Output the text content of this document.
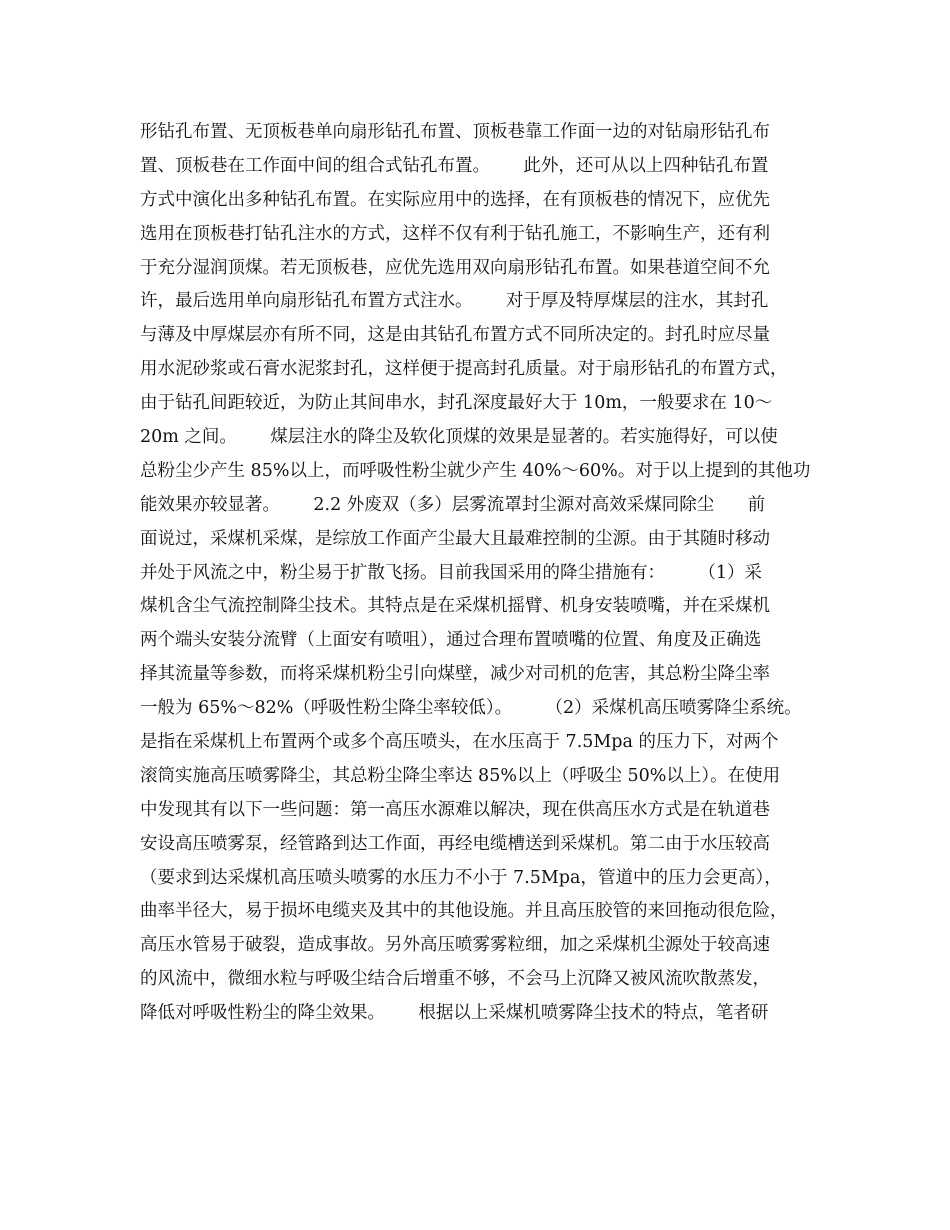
形钻孔布置、无顶板巷单向扇形钻孔布置、顶板巷靠工作面一边的对钻扇形钻孔布
置、顶板巷在工作面中间的组合式钻孔布置。      此外，还可从以上四种钻孔布置
方式中演化出多种钻孔布置。在实际应用中的选择，在有顶板巷的情况下，应优先
选用在顶板巷打钻孔注水的方式，这样不仅有利于钻孔施工，不影响生产，还有利
于充分湿润顶煤。若无顶板巷，应优先选用双向扇形钻孔布置。如果巷道空间不允
许，最后选用单向扇形钻孔布置方式注水。      对于厚及特厚煤层的注水，其封孔
与薄及中厚煤层亦有所不同，这是由其钻孔布置方式不同所决定的。封孔时应尽量
用水泥砂浆或石膏水泥浆封孔，这样便于提高封孔质量。对于扇形钻孔的布置方式，
由于钻孔间距较近，为防止其间串水，封孔深度最好大于 10m，一般要求在 10～
20m 之间。      煤层注水的降尘及软化顶煤的效果是显著的。若实施得好，可以使
总粉尘少产生 85%以上，而呼吸性粉尘就少产生 40%～60%。对于以上提到的其他功
能效果亦较显著。      2.2 外废双（多）层雾流罩封尘源对高效采煤同除尘      前
面说过，采煤机采煤，是综放工作面产尘最大且最难控制的尘源。由于其随时移动
并处于风流之中，粉尘易于扩散飞扬。目前我国采用的降尘措施有：      （1）采
煤机含尘气流控制降尘技术。其特点是在采煤机摇臂、机身安装喷嘴，并在采煤机
两个端头安装分流臂（上面安有喷咀），通过合理布置喷嘴的位置、角度及正确选
择其流量等参数，而将采煤机粉尘引向煤壁，减少对司机的危害，其总粉尘降尘率
一般为 65%～82%（呼吸性粉尘降尘率较低）。      （2）采煤机高压喷雾降尘系统。
是指在采煤机上布置两个或多个高压喷头，在水压高于 7.5Mpa 的压力下，对两个
滚筒实施高压喷雾降尘，其总粉尘降尘率达 85%以上（呼吸尘 50%以上）。在使用
中发现其有以下一些问题：第一高压水源难以解决，现在供高压水方式是在轨道巷
安设高压喷雾泵，经管路到达工作面，再经电缆槽送到采煤机。第二由于水压较高
（要求到达采煤机高压喷头喷雾的水压力不小于 7.5Mpa，管道中的压力会更高），
曲率半径大，易于损坏电缆夹及其中的其他设施。并且高压胶管的来回拖动很危险，
高压水管易于破裂，造成事故。另外高压喷雾雾粒细，加之采煤机尘源处于较高速
的风流中，微细水粒与呼吸尘结合后增重不够，不会马上沉降又被风流吹散蒸发，
降低对呼吸性粉尘的降尘效果。      根据以上采煤机喷雾降尘技术的特点，笔者研
